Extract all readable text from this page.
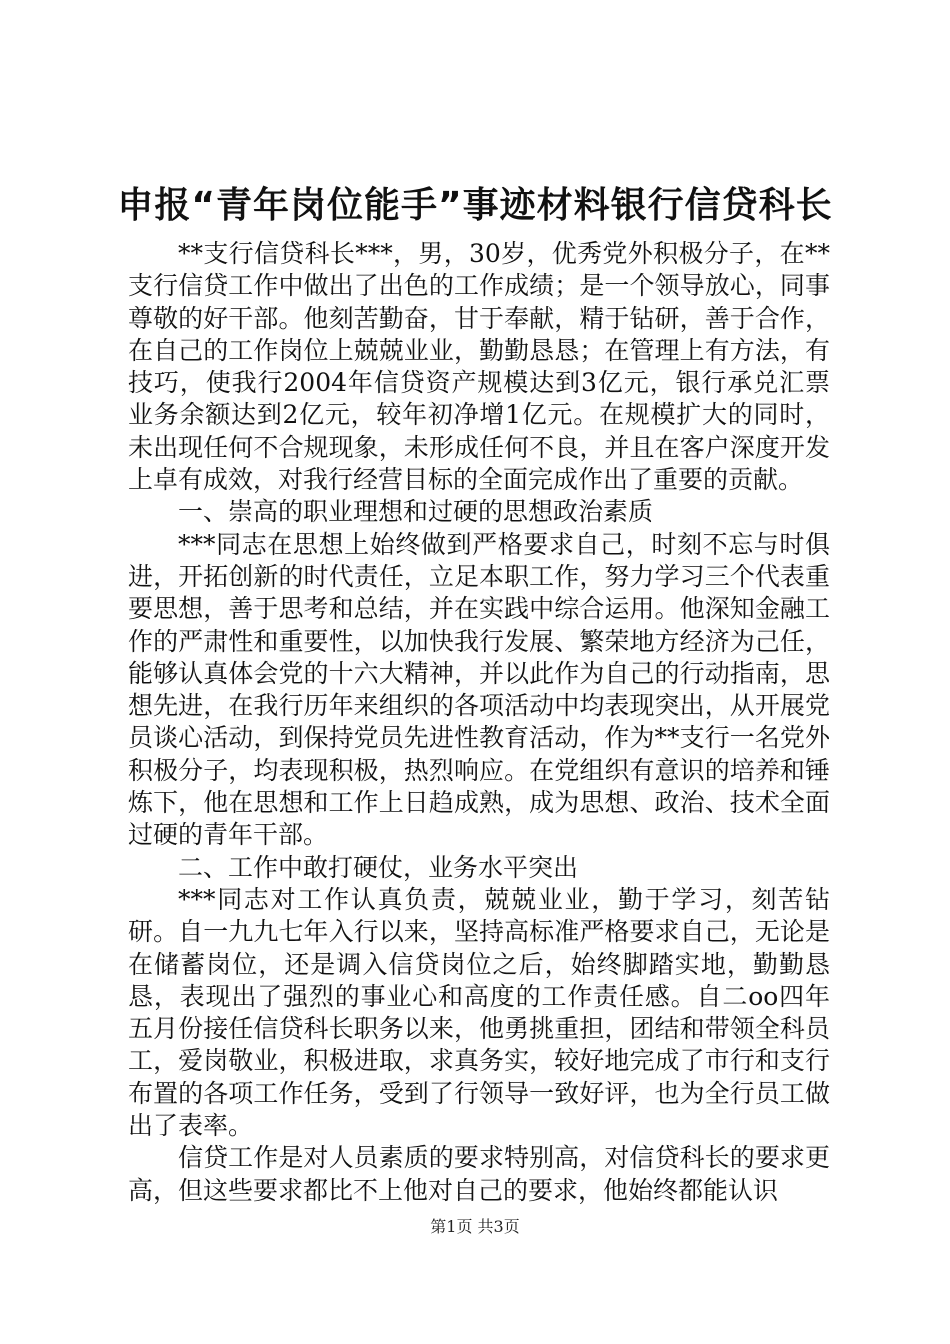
申报“青年岗位能手”事迹材料银行信贷科长

**支行信贷科长***，男，30岁，优秀党外积极分子，在**支行信贷工作中做出了出色的工作成绩；是一个领导放心，同事尊敬的好干部。他刻苦勤奋，甘于奉献，精于钻研，善于合作，在自己的工作岗位上兢兢业业，勤勤恳恳；在管理上有方法，有技巧，使我行2004年信贷资产规模达到3亿元，银行承兑汇票业务余额达到2亿元，较年初净增1亿元。在规模扩大的同时，未出现任何不合规现象，未形成任何不良，并且在客户深度开发上卓有成效，对我行经营目标的全面完成作出了重要的贡献。

一、崇高的职业理想和过硬的思想政治素质

***同志在思想上始终做到严格要求自己，时刻不忘与时俱进，开拓创新的时代责任，立足本职工作，努力学习三个代表重要思想，善于思考和总结，并在实践中综合运用。他深知金融工作的严肃性和重要性，以加快我行发展、繁荣地方经济为己任，能够认真体会党的十六大精神，并以此作为自己的行动指南，思想先进，在我行历年来组织的各项活动中均表现突出，从开展党员谈心活动，到保持党员先进性教育活动，作为**支行一名党外积极分子，均表现积极，热烈响应。在党组织有意识的培养和锤炼下，他在思想和工作上日趋成熟，成为思想、政治、技术全面过硬的青年干部。

二、工作中敢打硬仗，业务水平突出

***同志对工作认真负责，兢兢业业，勤于学习，刻苦钻研。自一九九七年入行以来，坚持高标准严格要求自己，无论是在储蓄岗位，还是调入信贷岗位之后，始终脚踏实地，勤勤恳恳，表现出了强烈的事业心和高度的工作责任感。自二oo四年五月份接任信贷科长职务以来，他勇挑重担，团结和带领全科员工，爱岗敬业，积极进取，求真务实，较好地完成了市行和支行布置的各项工作任务，受到了行领导一致好评，也为全行员工做出了表率。

信贷工作是对人员素质的要求特别高，对信贷科长的要求更高，但这些要求都比不上他对自己的要求，他始终都能认识

第1页 共3页
